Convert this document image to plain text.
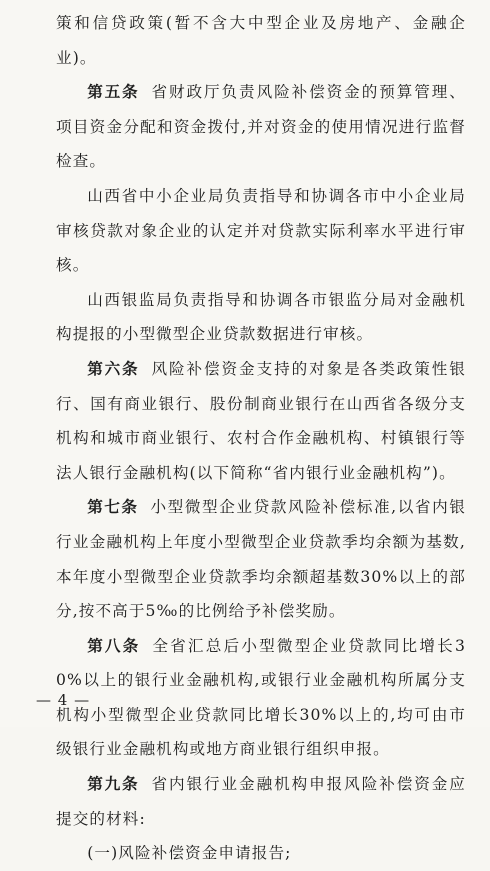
策和信贷政策(暂不含大中型企业及房地产、金融企业)。

第五条 省财政厅负责风险补偿资金的预算管理、项目资金分配和资金拨付,并对资金的使用情况进行监督检查。

山西省中小企业局负责指导和协调各市中小企业局审核贷款对象企业的认定并对贷款实际利率水平进行审核。

山西银监局负责指导和协调各市银监分局对金融机构提报的小型微型企业贷款数据进行审核。

第六条 风险补偿资金支持的对象是各类政策性银行、国有商业银行、股份制商业银行在山西省各级分支机构和城市商业银行、农村合作金融机构、村镇银行等法人银行金融机构(以下简称“省内银行业金融机构”)。

第七条 小型微型企业贷款风险补偿标准,以省内银行业金融机构上年度小型微型企业贷款季均余额为基数,本年度小型微型企业贷款季均余额超基数30%以上的部分,按不高于5‰的比例给予补偿奖励。

第八条 全省汇总后小型微型企业贷款同比增长30%以上的银行业金融机构,或银行业金融机构所属分支机构小型微型企业贷款同比增长30%以上的,均可由市级银行业金融机构或地方商业银行组织申报。

第九条 省内银行业金融机构申报风险补偿资金应提交的材料:

(一)风险补偿资金申请报告;

— 4 —
